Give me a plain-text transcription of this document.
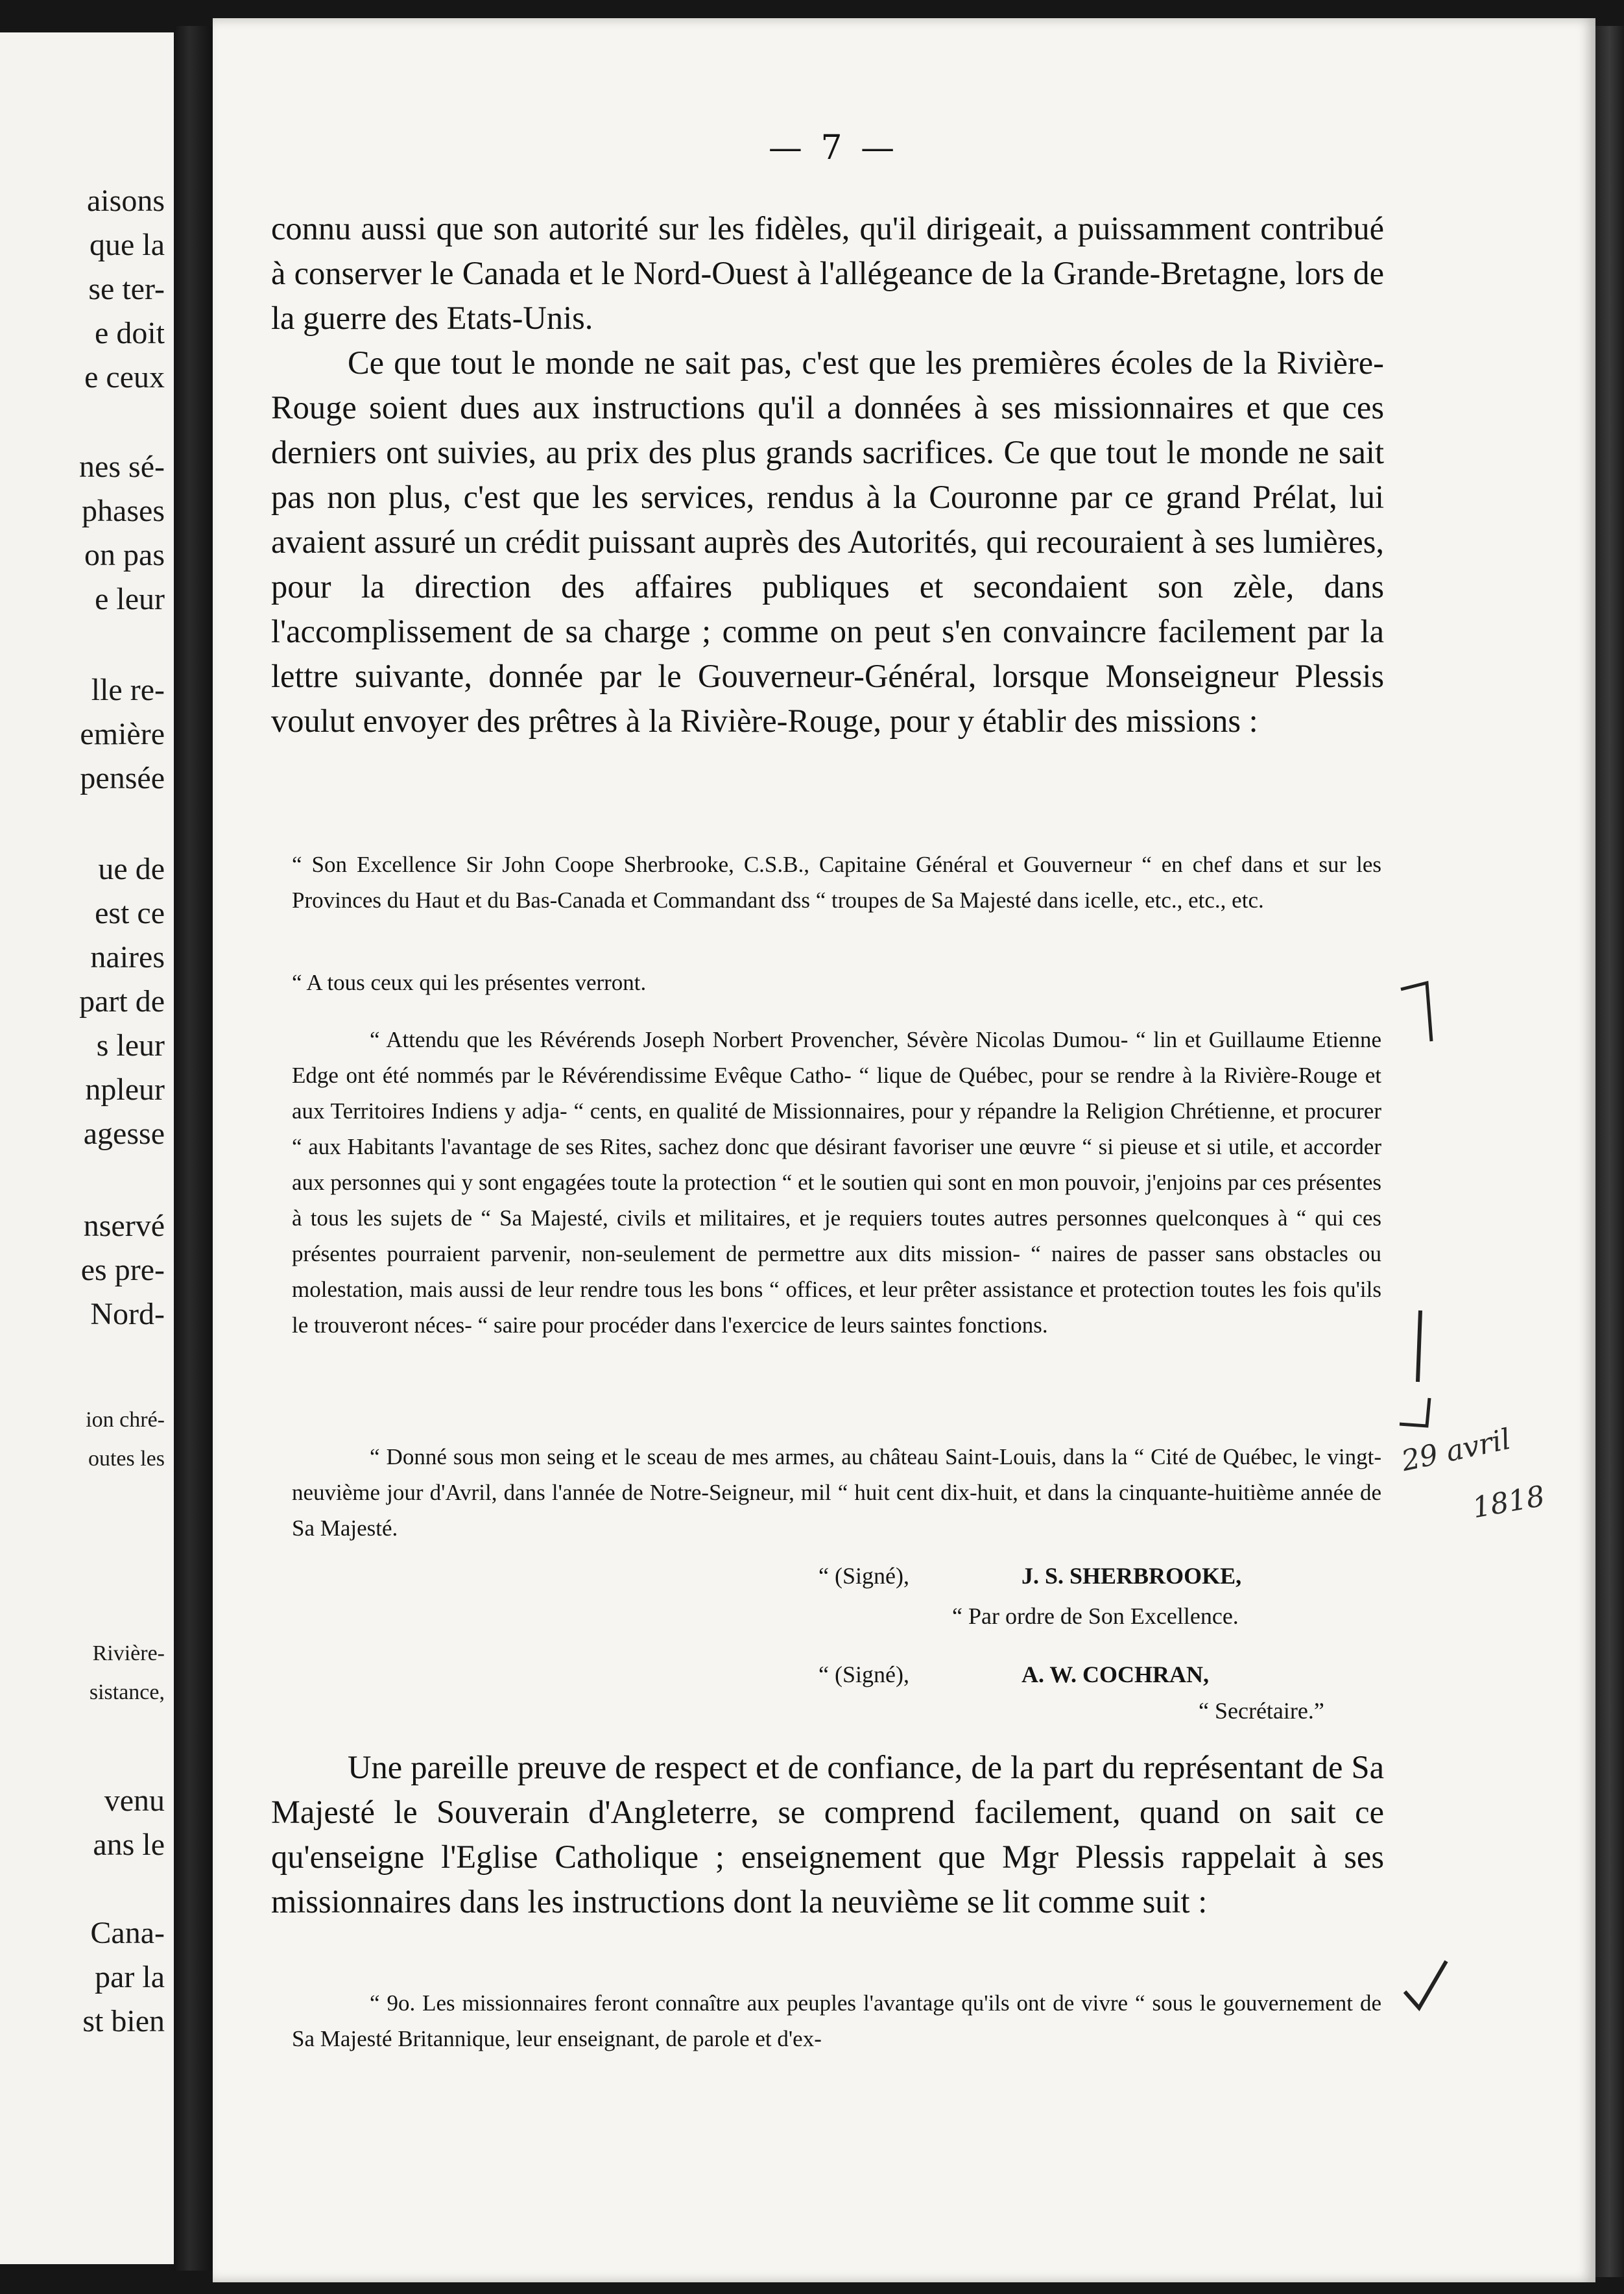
aisons
que la
se ter-
e doit
e ceux
nes sé-
phases
on pas
e leur
lle re-
emière
pensée
ue de
est ce
naires
part de
s leur
npleur
agesse
nservé
es pre-
Nord-
ion chré-
outes les
Rivière-
sistance,
venu
ans le
Cana-
par la
st bien
— 7 —

connu aussi que son autorité sur les fidèles, qu'il dirigeait, a puissamment contribué à conserver le Canada et le Nord-Ouest à l'allégeance de la Grande-Bretagne, lors de la guerre des Etats-Unis.

Ce que tout le monde ne sait pas, c'est que les premières écoles de la Rivière-Rouge soient dues aux instructions qu'il a données à ses missionnaires et que ces derniers ont suivies, au prix des plus grands sacrifices. Ce que tout le monde ne sait pas non plus, c'est que les services, rendus à la Couronne par ce grand Prélat, lui avaient assuré un crédit puissant auprès des Autorités, qui recouraient à ses lumières, pour la direction des affaires publiques et secondaient son zèle, dans l'accomplissement de sa charge ; comme on peut s'en convaincre facilement par la lettre suivante, donnée par le Gouverneur-Général, lorsque Monseigneur Plessis voulut envoyer des prêtres à la Rivière-Rouge, pour y établir des missions :

“ Son Excellence Sir John Coope Sherbrooke, C.S.B., Capitaine Général et Gouverneur “ en chef dans et sur les Provinces du Haut et du Bas-Canada et Commandant dss “ troupes de Sa Majesté dans icelle, etc., etc., etc.

“ A tous ceux qui les présentes verront.

“ Attendu que les Révérends Joseph Norbert Provencher, Sévère Nicolas Dumou- “ lin et Guillaume Etienne Edge ont été nommés par le Révérendissime Evêque Catho- “ lique de Québec, pour se rendre à la Rivière-Rouge et aux Territoires Indiens y adja- “ cents, en qualité de Missionnaires, pour y répandre la Religion Chrétienne, et procurer “ aux Habitants l'avantage de ses Rites, sachez donc que désirant favoriser une œuvre “ si pieuse et si utile, et accorder aux personnes qui y sont engagées toute la protection “ et le soutien qui sont en mon pouvoir, j'enjoins par ces présentes à tous les sujets de “ Sa Majesté, civils et militaires, et je requiers toutes autres personnes quelconques à “ qui ces présentes pourraient parvenir, non-seulement de permettre aux dits mission- “ naires de passer sans obstacles ou molestation, mais aussi de leur rendre tous les bons “ offices, et leur prêter assistance et protection toutes les fois qu'ils le trouveront néces- “ saire pour procéder dans l'exercice de leurs saintes fonctions.

“ Donné sous mon seing et le sceau de mes armes, au château Saint-Louis, dans la “ Cité de Québec, le vingt-neuvième jour d'Avril, dans l'année de Notre-Seigneur, mil “ huit cent dix-huit, et dans la cinquante-huitième année de Sa Majesté.

“ (Signé),	J. S. SHERBROOKE,
“ Par ordre de Son Excellence.
“ (Signé),	A. W. COCHRAN,
“ Secrétaire.”

Une pareille preuve de respect et de confiance, de la part du représentant de Sa Majesté le Souverain d'Angleterre, se comprend facilement, quand on sait ce qu'enseigne l'Eglise Catholique ; enseignement que Mgr Plessis rappelait à ses missionnaires dans les instructions dont la neuvième se lit comme suit :

“ 9o. Les missionnaires feront connaître aux peuples l'avantage qu'ils ont de vivre “ sous le gouvernement de Sa Majesté Britannique, leur enseignant, de parole et d'ex-

29 avril
1818
